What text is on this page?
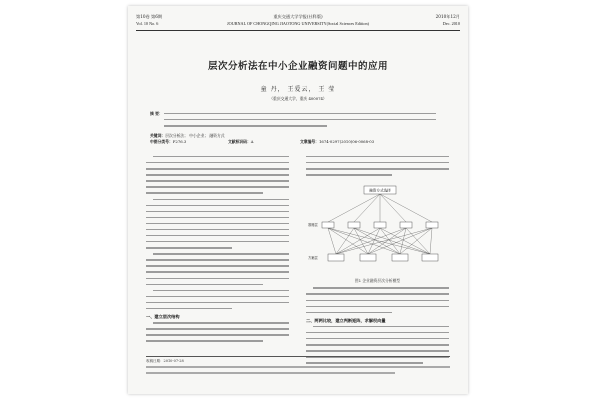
第10卷 第6期	重庆交通大学学报(社科版)	2010年12月
Vol. 10 No. 6	JOURNAL OF CHONGQING JIAOTONG UNIVERSITY(Social Sciences Edition)	Dec. 2010
层次分析法在中小企业融资问题中的应用
童 丹， 王爱云， 王 莹
（重庆交通大学，重庆 400074）
摘 要：
关键词：层次分析法； 中小企业； 融资方式
中图分类号：F276.3	文献标识码：A	文章编号：1674-0297(2010)06-0068-03
一、建立层次结构
融资方式选择
准则层
方案层
图1 企业融资层次分析模型
二、两两比较，建立判断矩阵，求解权向量
收稿日期：2010-07-28
